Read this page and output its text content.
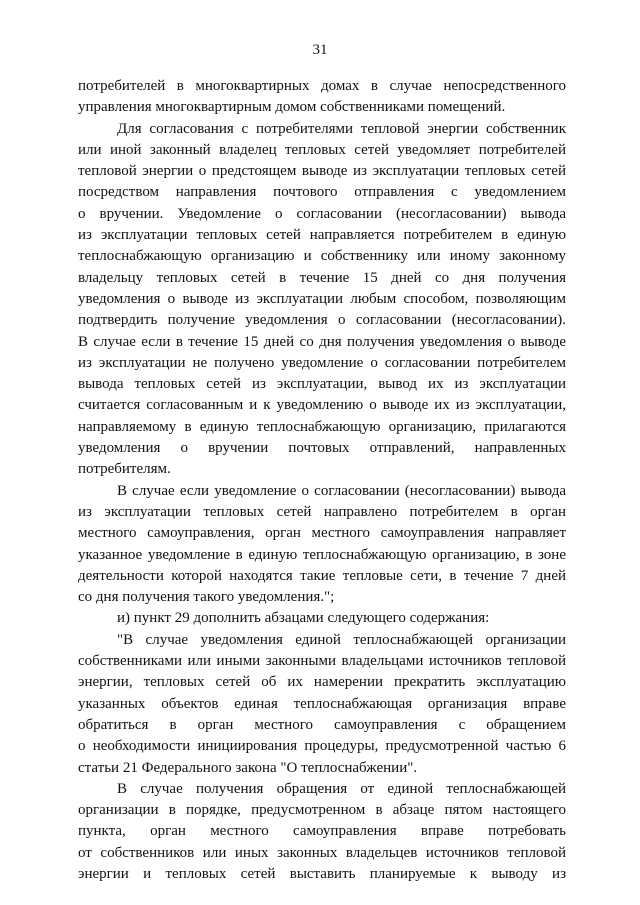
31
потребителей в многоквартирных домах в случае непосредственного
управления многоквартирным домом собственниками помещений.
Для согласования с потребителями тепловой энергии собственник
или иной законный владелец тепловых сетей уведомляет потребителей
тепловой энергии о предстоящем выводе из эксплуатации тепловых сетей
посредством направления почтового отправления с уведомлением
о вручении. Уведомление о согласовании (несогласовании) вывода
из эксплуатации тепловых сетей направляется потребителем в единую
теплоснабжающую организацию и собственнику или иному законному
владельцу тепловых сетей в течение 15 дней со дня получения
уведомления о выводе из эксплуатации любым способом, позволяющим
подтвердить получение уведомления о согласовании (несогласовании).
В случае если в течение 15 дней со дня получения уведомления о выводе
из эксплуатации не получено уведомление о согласовании потребителем
вывода тепловых сетей из эксплуатации, вывод их из эксплуатации
считается согласованным и к уведомлению о выводе их из эксплуатации,
направляемому в единую теплоснабжающую организацию, прилагаются
уведомления о вручении почтовых отправлений, направленных
потребителям.
В случае если уведомление о согласовании (несогласовании) вывода
из эксплуатации тепловых сетей направлено потребителем в орган
местного самоуправления, орган местного самоуправления направляет
указанное уведомление в единую теплоснабжающую организацию, в зоне
деятельности которой находятся такие тепловые сети, в течение 7 дней
со дня получения такого уведомления.";
и) пункт 29 дополнить абзацами следующего содержания:
"В случае уведомления единой теплоснабжающей организации
собственниками или иными законными владельцами источников тепловой
энергии, тепловых сетей об их намерении прекратить эксплуатацию
указанных объектов единая теплоснабжающая организация вправе
обратиться в орган местного самоуправления с обращением
о необходимости инициирования процедуры, предусмотренной частью 6
статьи 21 Федерального закона "О теплоснабжении".
В случае получения обращения от единой теплоснабжающей
организации в порядке, предусмотренном в абзаце пятом настоящего
пункта, орган местного самоуправления вправе потребовать
от собственников или иных законных владельцев источников тепловой
энергии и тепловых сетей выставить планируемые к выводу из
